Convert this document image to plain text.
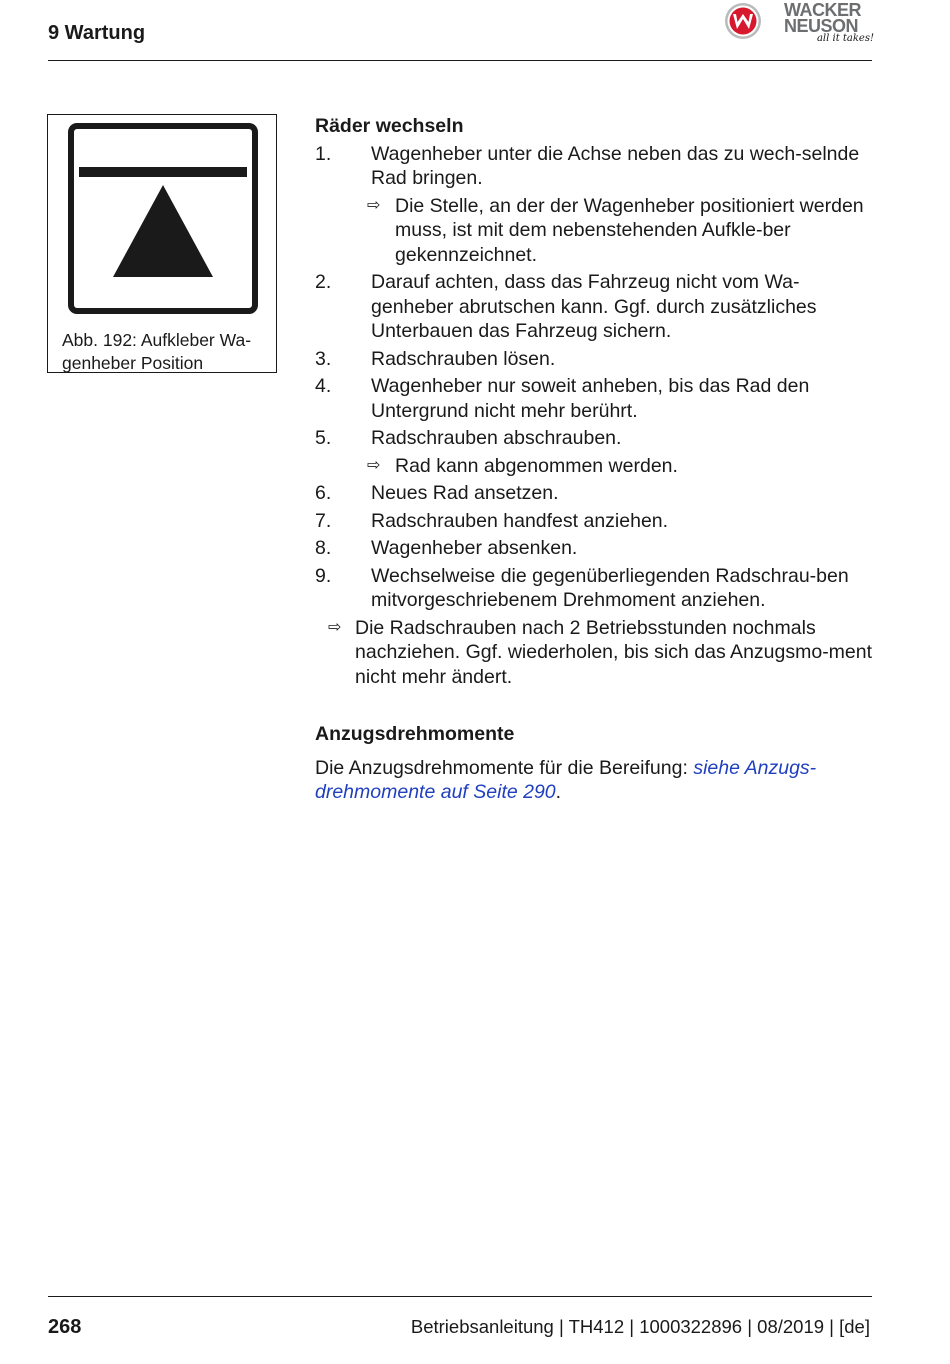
9 Wartung
WACKER
NEUSON
all it takes!
Abb. 192: Aufkleber Wa-genheber Position
Räder wechseln
1. Wagenheber unter die Achse neben das zu wech-selnde Rad bringen.
⇨ Die Stelle, an der der Wagenheber positioniert werden muss, ist mit dem nebenstehenden Aufkle-ber gekennzeichnet.
2. Darauf achten, dass das Fahrzeug nicht vom Wa-genheber abrutschen kann. Ggf. durch zusätzliches Unterbauen das Fahrzeug sichern.
3. Radschrauben lösen.
4. Wagenheber nur soweit anheben, bis das Rad den Untergrund nicht mehr berührt.
5. Radschrauben abschrauben.
⇨ Rad kann abgenommen werden.
6. Neues Rad ansetzen.
7. Radschrauben handfest anziehen.
8. Wagenheber absenken.
9. Wechselweise die gegenüberliegenden Radschrau-ben mitvorgeschriebenem Drehmoment anziehen.
⇨ Die Radschrauben nach 2 Betriebsstunden nochmals nachziehen. Ggf. wiederholen, bis sich das Anzugsmo-ment nicht mehr ändert.
Anzugsdrehmomente
Die Anzugsdrehmomente für die Bereifung: siehe Anzugs-drehmomente auf Seite 290.
268	Betriebsanleitung | TH412 | 1000322896 | 08/2019 | [de]
